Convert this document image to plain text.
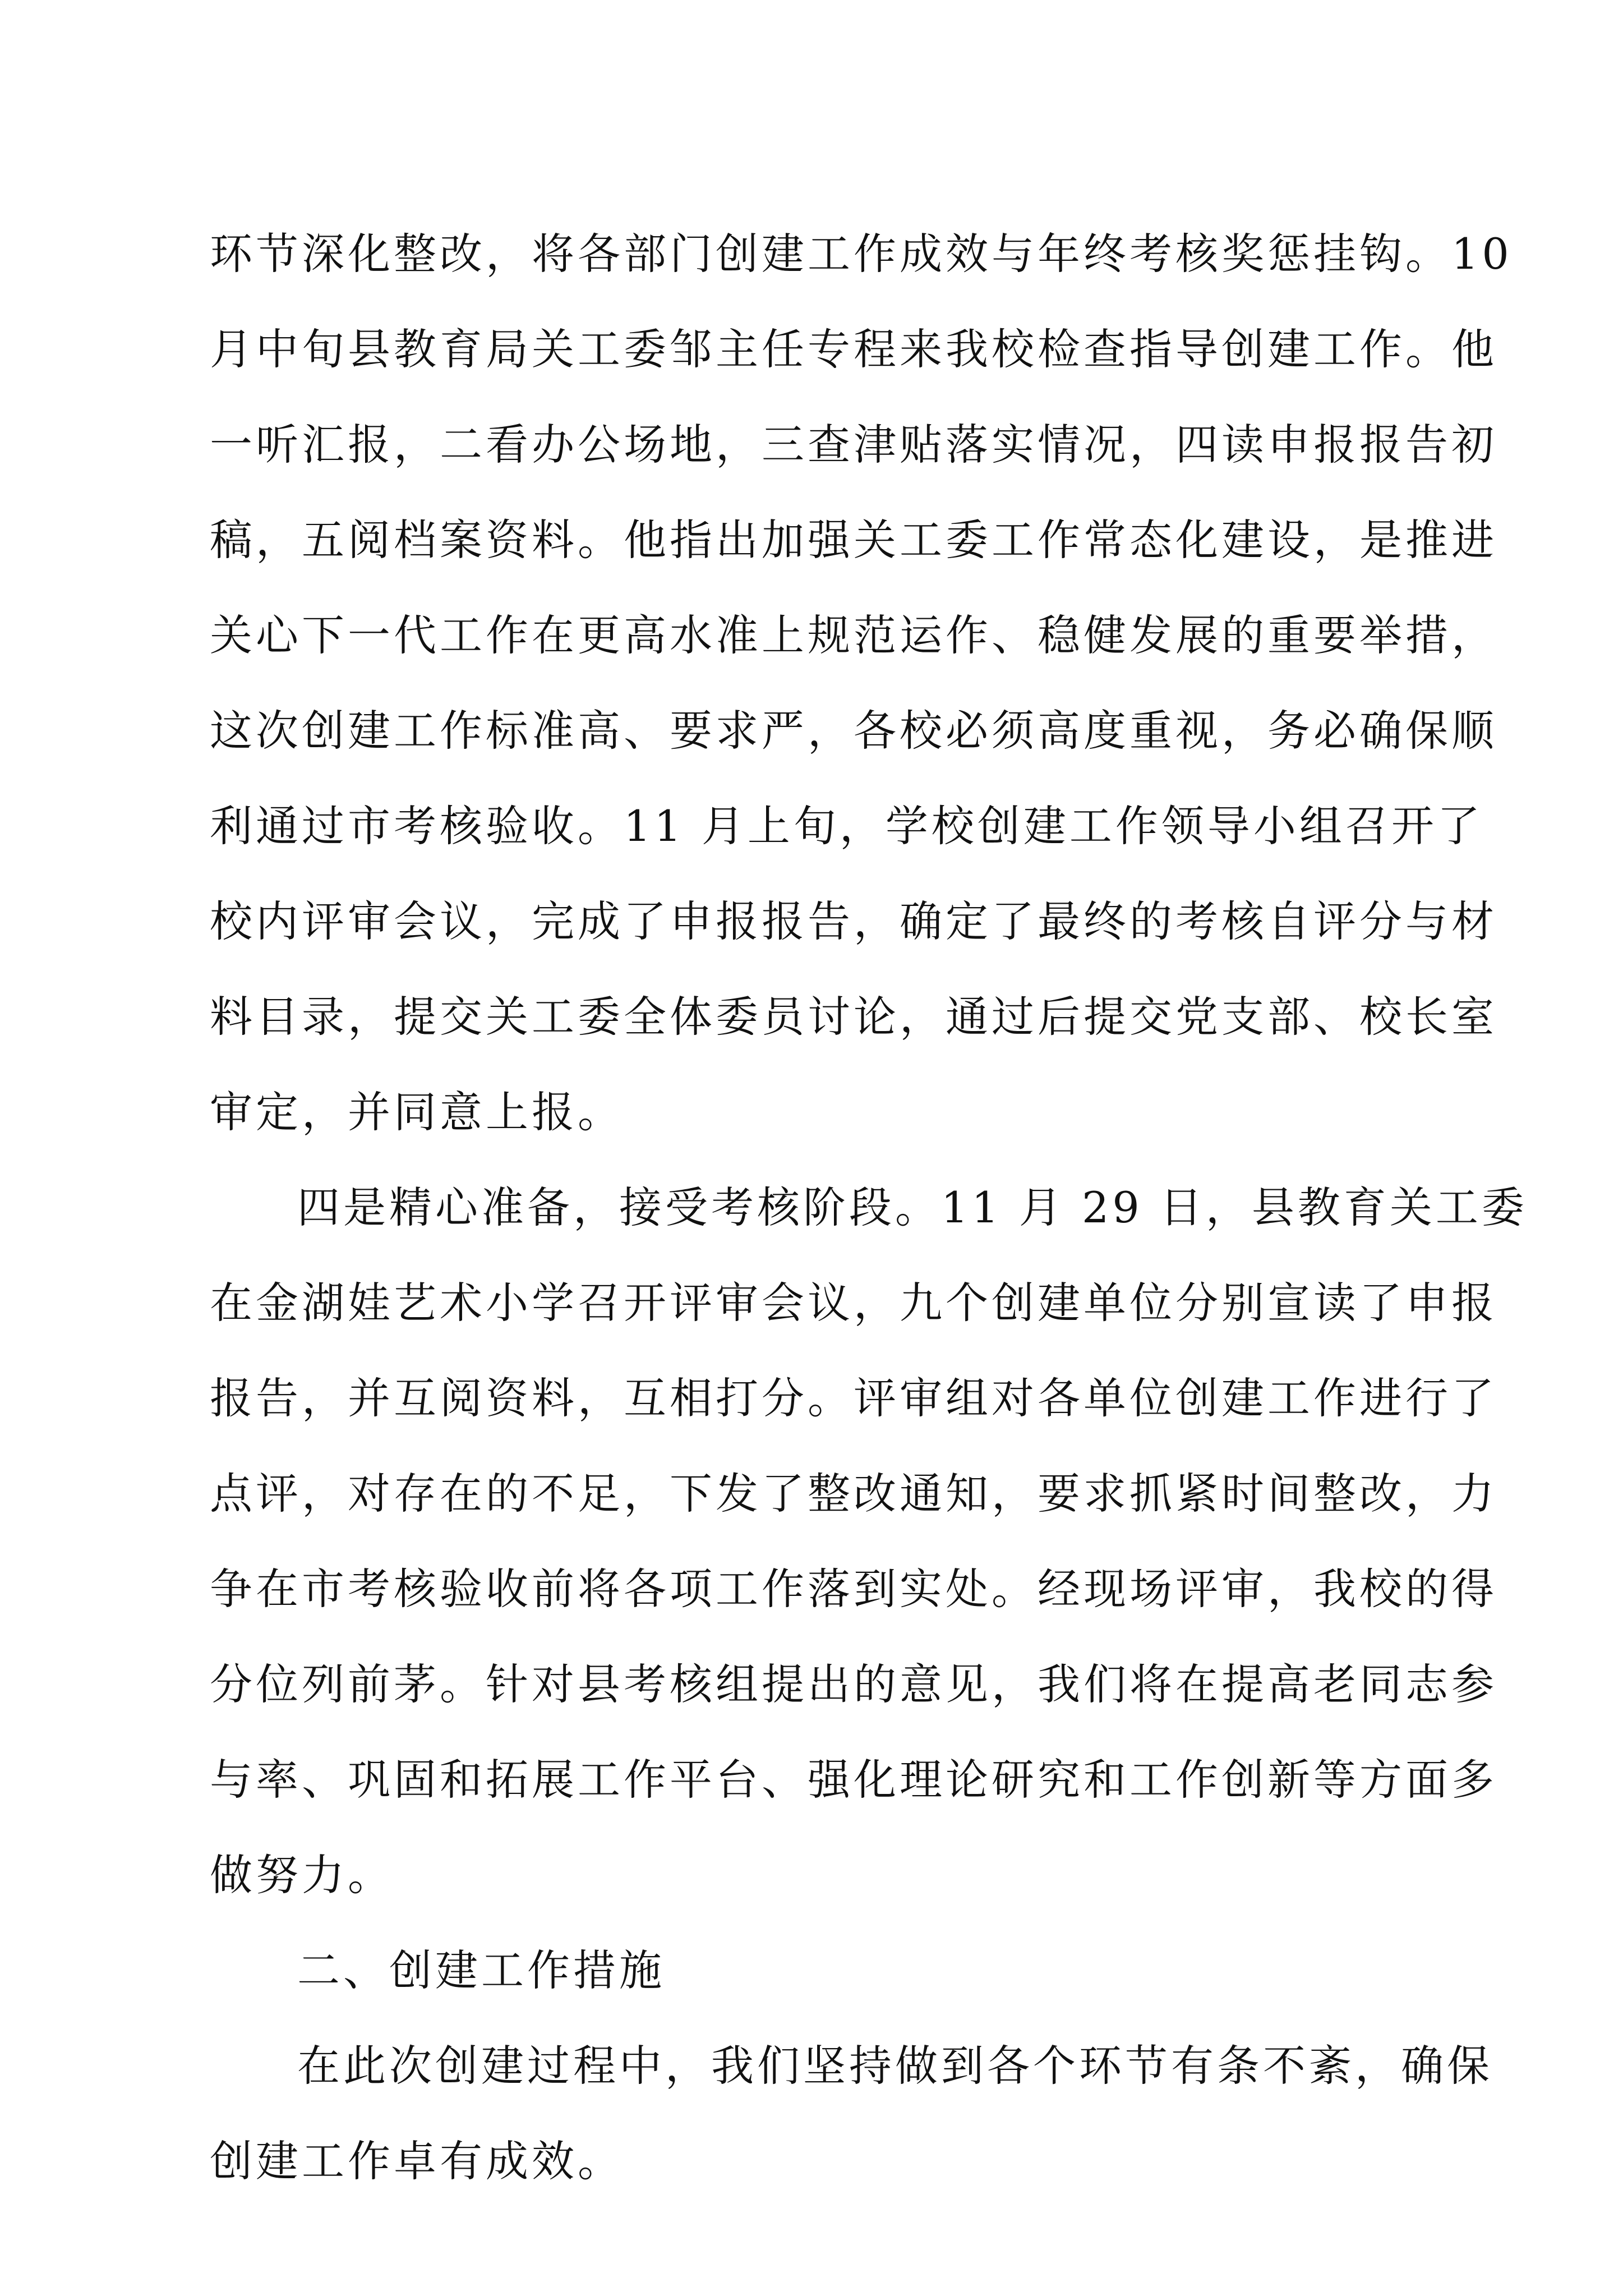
环节深化整改，将各部门创建工作成效与年终考核奖惩挂钩。10
月中旬县教育局关工委邹主任专程来我校检查指导创建工作。他
一听汇报，二看办公场地，三查津贴落实情况，四读申报报告初
稿，五阅档案资料。他指出加强关工委工作常态化建设，是推进
关心下一代工作在更高水准上规范运作、稳健发展的重要举措，
这次创建工作标准高、要求严，各校必须高度重视，务必确保顺
利通过市考核验收。11 月上旬，学校创建工作领导小组召开了
校内评审会议，完成了申报报告，确定了最终的考核自评分与材
料目录，提交关工委全体委员讨论，通过后提交党支部、校长室
审定，并同意上报。
四是精心准备，接受考核阶段。11 月 29 日，县教育关工委
在金湖娃艺术小学召开评审会议，九个创建单位分别宣读了申报
报告，并互阅资料，互相打分。评审组对各单位创建工作进行了
点评，对存在的不足，下发了整改通知，要求抓紧时间整改，力
争在市考核验收前将各项工作落到实处。经现场评审，我校的得
分位列前茅。针对县考核组提出的意见，我们将在提高老同志参
与率、巩固和拓展工作平台、强化理论研究和工作创新等方面多
做努力。
二、创建工作措施
在此次创建过程中，我们坚持做到各个环节有条不紊，确保
创建工作卓有成效。
